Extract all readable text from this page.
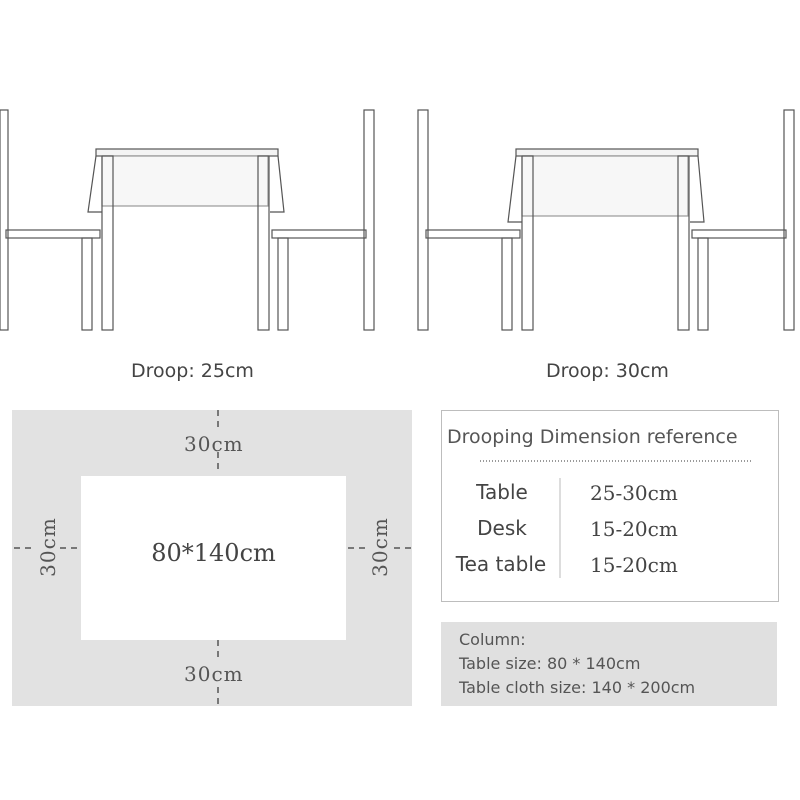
Droop: 25cm	Droop: 30cm
30cm
30cm
30cm	30cm
80*140cm
Drooping Dimension reference
Table	25-30cm
Desk	15-20cm
Tea table	15-20cm
Column:
Table size: 80 * 140cm
Table cloth size: 140 * 200cm
